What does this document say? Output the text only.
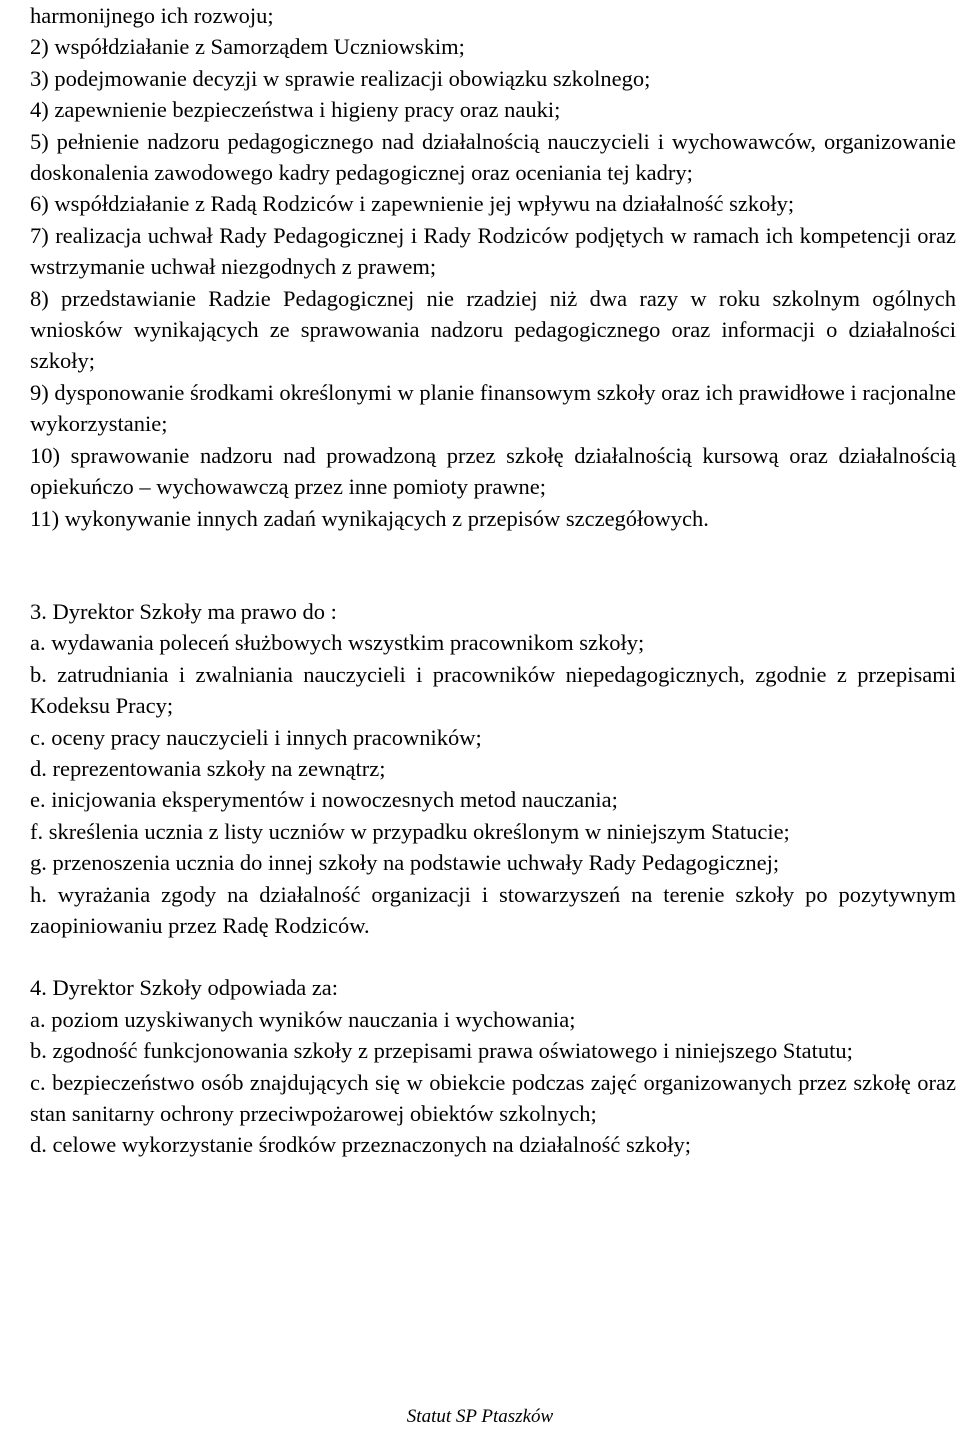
harmonijnego ich rozwoju;

2) współdziałanie z Samorządem Uczniowskim;

3) podejmowanie decyzji w sprawie realizacji obowiązku szkolnego;

4) zapewnienie bezpieczeństwa i higieny pracy oraz nauki;

5) pełnienie nadzoru pedagogicznego nad działalnością nauczycieli i wychowawców, organizowanie doskonalenia zawodowego kadry pedagogicznej oraz oceniania tej kadry;

6) współdziałanie z Radą Rodziców i zapewnienie jej wpływu na działalność szkoły;

7) realizacja uchwał Rady Pedagogicznej i Rady Rodziców podjętych w ramach ich kompetencji oraz wstrzymanie uchwał niezgodnych z prawem;

8) przedstawianie Radzie Pedagogicznej nie rzadziej niż dwa razy w roku szkolnym ogólnych wniosków wynikających ze sprawowania nadzoru pedagogicznego oraz informacji o działalności szkoły;

9) dysponowanie środkami określonymi w planie finansowym szkoły oraz ich prawidłowe i racjonalne wykorzystanie;

10) sprawowanie nadzoru nad prowadzoną przez szkołę działalnością kursową oraz działalnością opiekuńczo – wychowawczą przez inne pomioty prawne;

11) wykonywanie innych zadań wynikających z przepisów szczegółowych.

3. Dyrektor Szkoły ma prawo do :

a. wydawania poleceń służbowych wszystkim pracownikom szkoły;

b. zatrudniania i zwalniania nauczycieli i pracowników niepedagogicznych, zgodnie z przepisami Kodeksu Pracy;

c. oceny pracy nauczycieli i innych pracowników;

d. reprezentowania szkoły na zewnątrz;

e. inicjowania eksperymentów i nowoczesnych metod nauczania;

f. skreślenia ucznia z listy uczniów w przypadku określonym w niniejszym Statucie;

g. przenoszenia ucznia do innej szkoły na podstawie uchwały Rady Pedagogicznej;

h. wyrażania zgody na działalność organizacji i stowarzyszeń na terenie szkoły po pozytywnym zaopiniowaniu przez Radę Rodziców.

4. Dyrektor Szkoły odpowiada za:

a. poziom uzyskiwanych wyników nauczania i wychowania;

b. zgodność funkcjonowania szkoły z przepisami prawa oświatowego i niniejszego Statutu;

c. bezpieczeństwo osób znajdujących się w obiekcie podczas zajęć organizowanych przez szkołę oraz stan sanitarny ochrony przeciwpożarowej obiektów szkolnych;

d. celowe wykorzystanie środków przeznaczonych na działalność szkoły;

Statut SP Ptaszków
